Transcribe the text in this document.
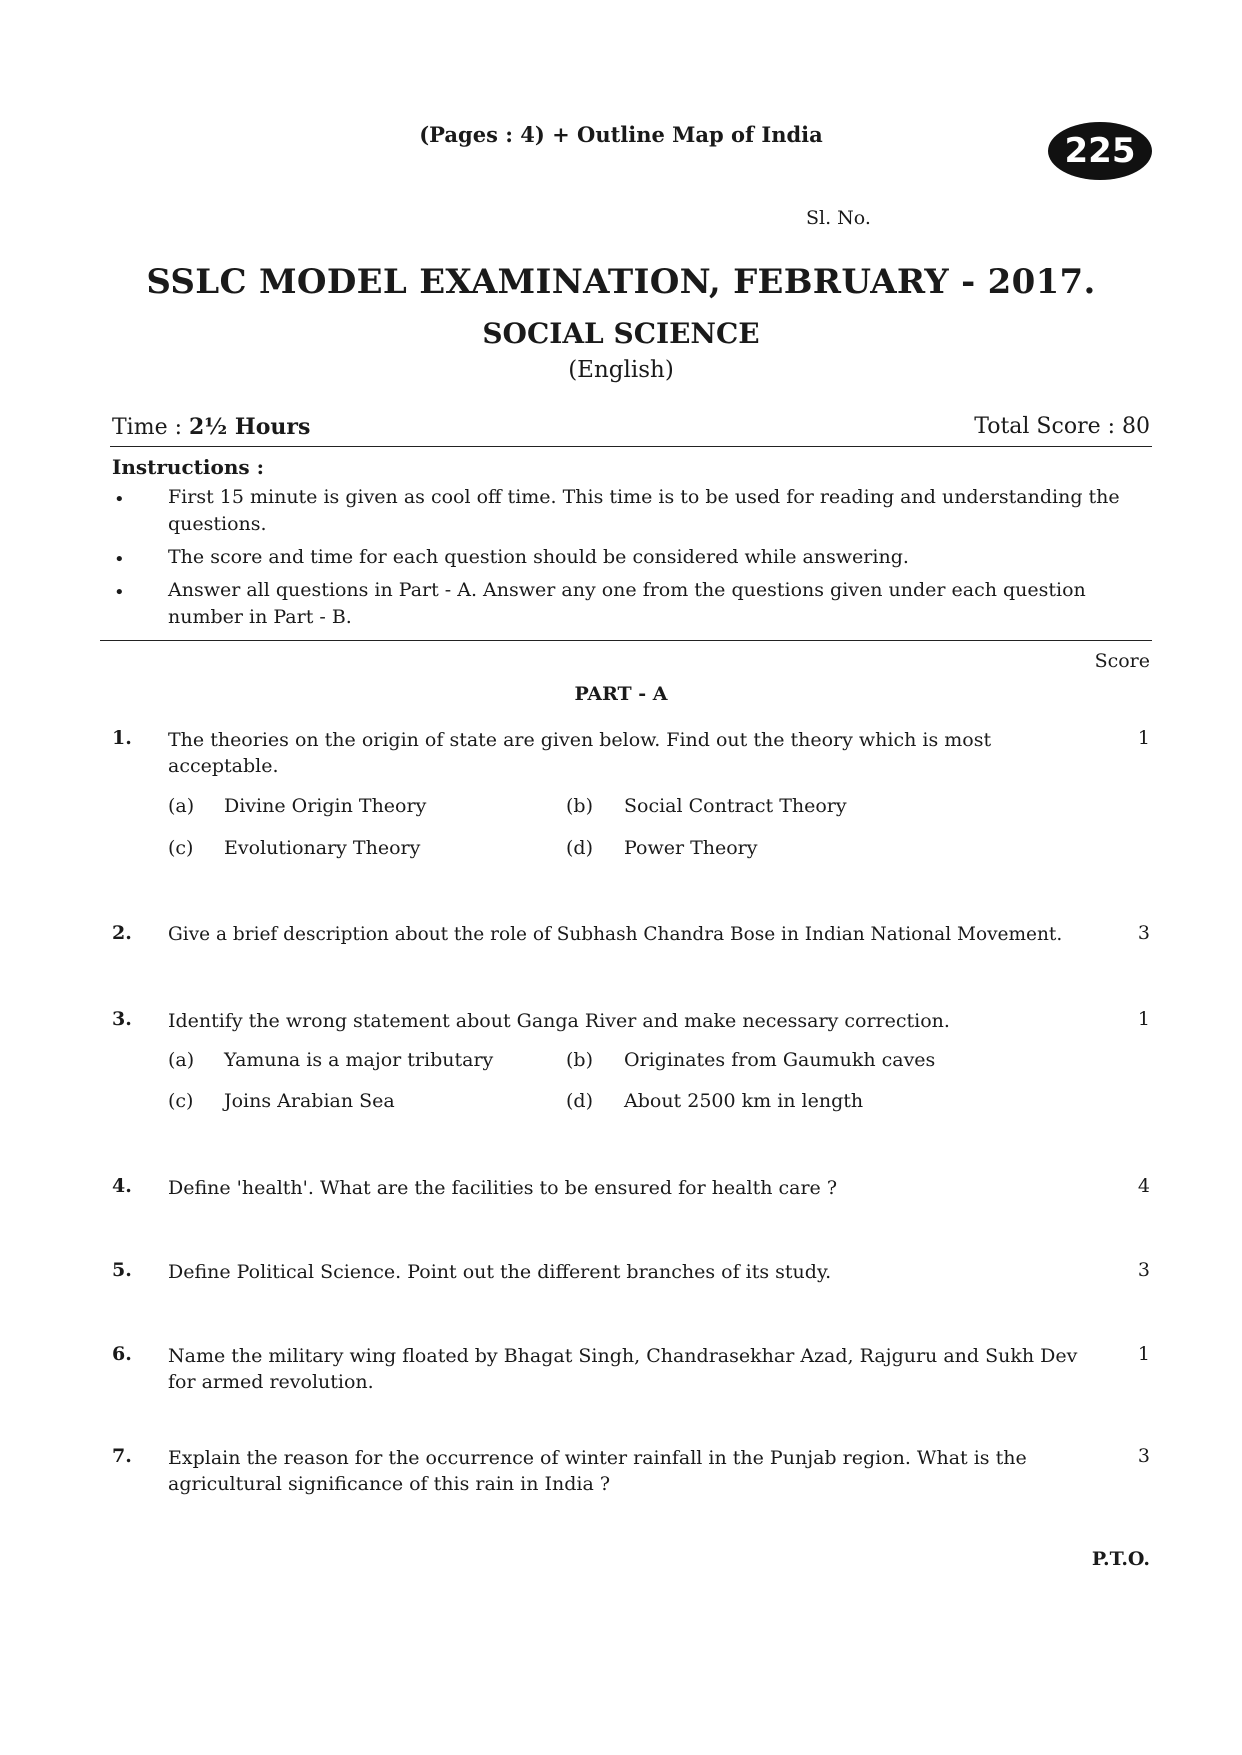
(Pages : 4) + Outline Map of India	225
Sl. No.
SSLC MODEL EXAMINATION, FEBRUARY - 2017.
SOCIAL SCIENCE
(English)
Time : 2½ Hours	Total Score : 80
Instructions :
• First 15 minute is given as cool off time. This time is to be used for reading and understanding the questions.
• The score and time for each question should be considered while answering.
• Answer all questions in Part - A. Answer any one from the questions given under each question number in Part - B.
Score
PART - A
1. The theories on the origin of state are given below. Find out the theory which is most acceptable.
1
(a) Divine Origin Theory	(b) Social Contract Theory
(c) Evolutionary Theory	(d) Power Theory
2. Give a brief description about the role of Subhash Chandra Bose in Indian National Movement.	3
3. Identify the wrong statement about Ganga River and make necessary correction.	1
(a) Yamuna is a major tributary	(b) Originates from Gaumukh caves
(c) Joins Arabian Sea	(d) About 2500 km in length
4. Define 'health'. What are the facilities to be ensured for health care ?	4
5. Define Political Science. Point out the different branches of its study.	3
6. Name the military wing floated by Bhagat Singh, Chandrasekhar Azad, Rajguru and Sukh Dev for armed revolution.
1
7. Explain the reason for the occurrence of winter rainfall in the Punjab region. What is the agricultural significance of this rain in India ?
3
P.T.O.
